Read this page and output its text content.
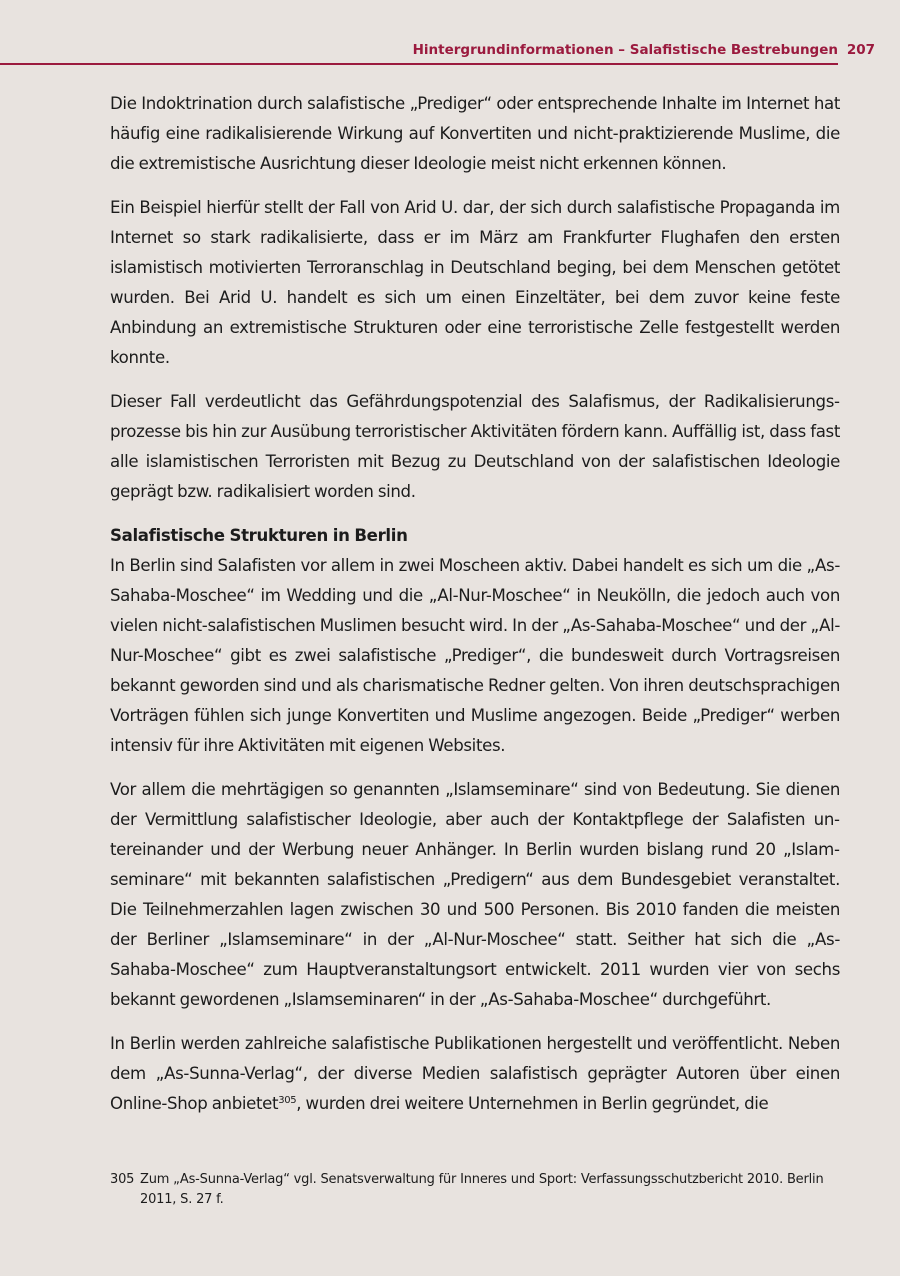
Hintergrundinformationen – Salafistische Bestrebungen 207

Die Indoktrination durch salafistische „Prediger“ oder entsprechende Inhalte im Internet hat häufig eine radikalisierende Wirkung auf Konvertiten und nicht-praktizierende Muslime, die die extremistische Ausrichtung dieser Ideologie meist nicht erkennen können.

Ein Beispiel hierfür stellt der Fall von Arid U. dar, der sich durch salafistische Propaganda im Internet so stark radikalisierte, dass er im März am Frankfurter Flughafen den ersten islamistisch motivierten Terroranschlag in Deutschland beging, bei dem Menschen getötet wurden. Bei Arid U. handelt es sich um einen Einzeltäter, bei dem zuvor keine feste Anbindung an extremistische Strukturen oder eine terroristische Zelle festgestellt werden konnte.

Dieser Fall verdeutlicht das Gefährdungspotenzial des Salafismus, der Radikalisierungsprozesse bis hin zur Ausübung terroristischer Aktivitäten fördern kann. Auffällig ist, dass fast alle islamistischen Terroristen mit Bezug zu Deutschland von der salafistischen Ideologie geprägt bzw. radikalisiert worden sind.

Salafistische Strukturen in Berlin

In Berlin sind Salafisten vor allem in zwei Moscheen aktiv. Dabei handelt es sich um die „As-Sahaba-Moschee“ im Wedding und die „Al-Nur-Moschee“ in Neukölln, die jedoch auch von vielen nicht-salafistischen Muslimen besucht wird. In der „As-Sahaba-Moschee“ und der „Al-Nur-Moschee“ gibt es zwei salafistische „Prediger“, die bundesweit durch Vortragsreisen bekannt geworden sind und als charismatische Redner gelten. Von ihren deutschsprachigen Vorträgen fühlen sich junge Konvertiten und Muslime angezogen. Beide „Prediger“ werben intensiv für ihre Aktivitäten mit eigenen Websites.

Vor allem die mehrtägigen so genannten „Islamseminare“ sind von Bedeutung. Sie dienen der Vermittlung salafistischer Ideologie, aber auch der Kontaktpflege der Salafisten untereinander und der Werbung neuer Anhänger. In Berlin wurden bislang rund 20 „Islamseminare“ mit bekannten salafistischen „Predigern“ aus dem Bundesgebiet veranstaltet. Die Teilnehmerzahlen lagen zwischen 30 und 500 Personen. Bis 2010 fanden die meisten der Berliner „Islamseminare“ in der „Al-Nur-Moschee“ statt. Seither hat sich die „As-Sahaba-Moschee“ zum Hauptveranstaltungsort entwickelt. 2011 wurden vier von sechs bekannt gewordenen „Islamseminaren“ in der „As-Sahaba-Moschee“ durchgeführt.

In Berlin werden zahlreiche salafistische Publikationen hergestellt und veröffentlicht. Neben dem „As-Sunna-Verlag“, der diverse Medien salafistisch geprägter Autoren über einen Online-Shop anbietet$^{305}$, wurden drei weitere Unternehmen in Berlin gegründet, die

305 Zum „As-Sunna-Verlag“ vgl. Senatsverwaltung für Inneres und Sport: Verfassungsschutzbericht 2010. Berlin 2011, S. 27 f.
